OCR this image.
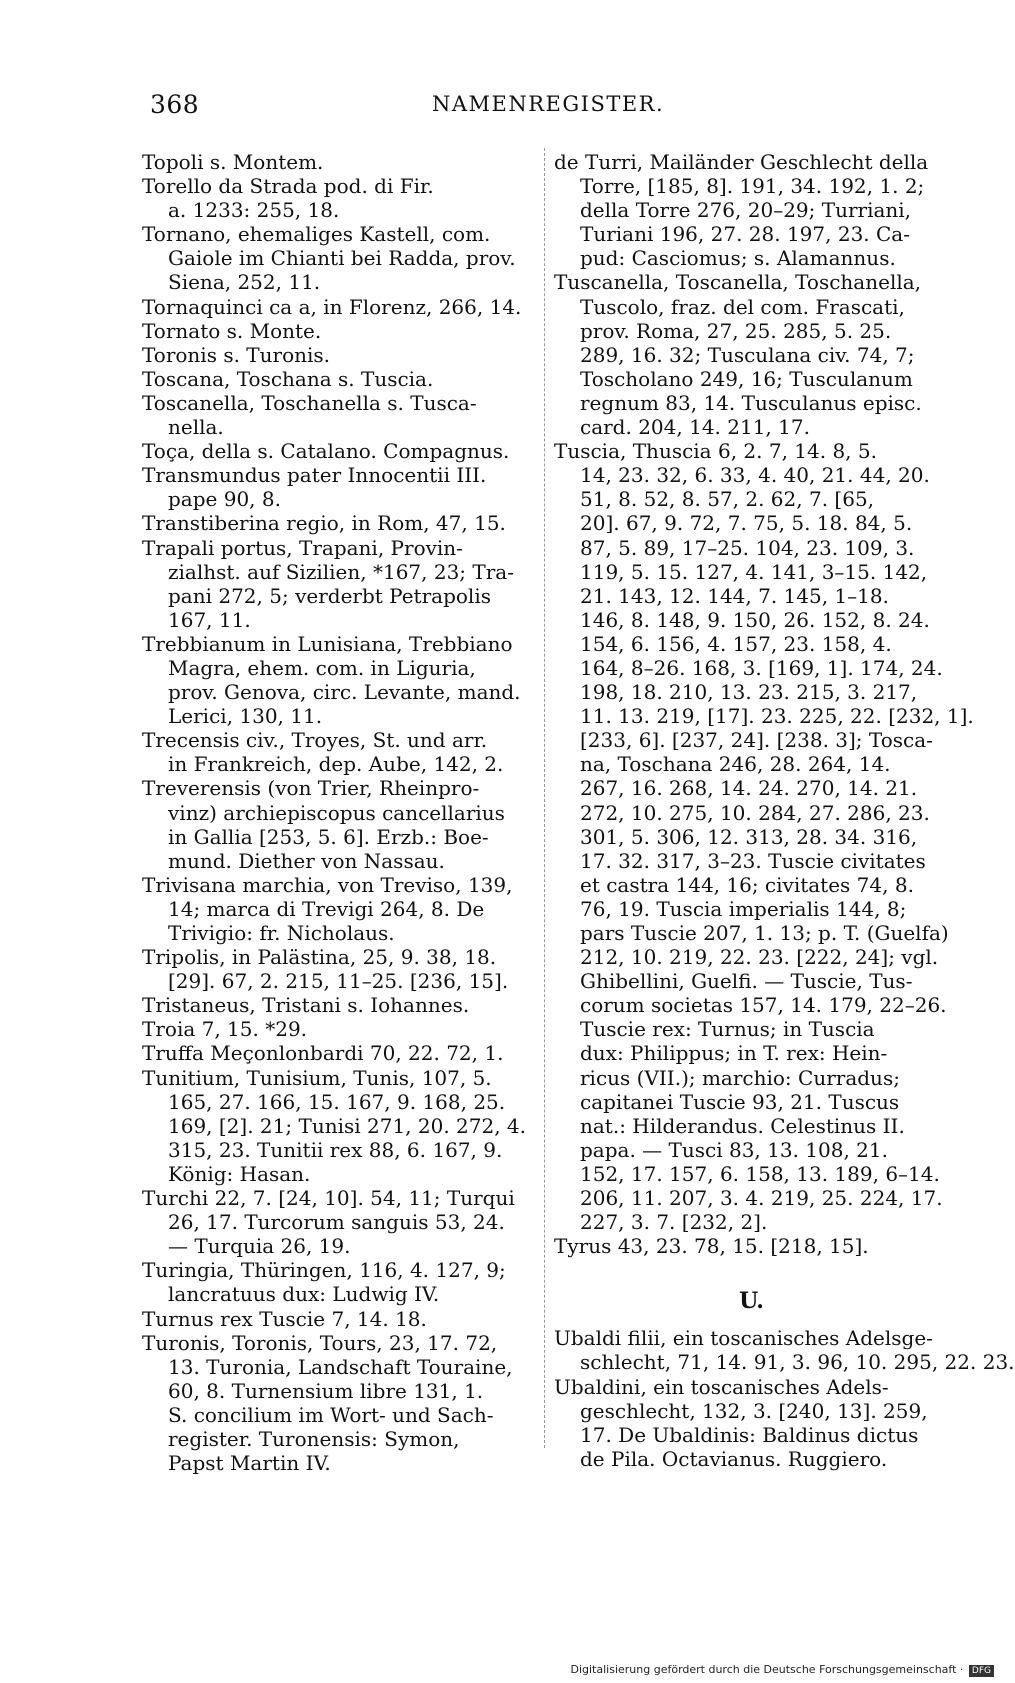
368	NAMENREGISTER.
Topoli s. Montem.
Torello da Strada pod. di Fir.
a. 1233: 255, 18.
Tornano, ehemaliges Kastell, com.
Gaiole im Chianti bei Radda, prov.
Siena, 252, 11.
Tornaquinci ca a, in Florenz, 266, 14.
Tornato s. Monte.
Toronis s. Turonis.
Toscana, Toschana s. Tuscia.
Toscanella, Toschanella s. Tusca-
nella.
Toça, della s. Catalano. Compagnus.
Transmundus pater Innocentii III.
pape 90, 8.
Transtiberina regio, in Rom, 47, 15.
Trapali portus, Trapani, Provin-
zialhst. auf Sizilien, *167, 23; Tra-
pani 272, 5; verderbt Petrapolis
167, 11.
Trebbianum in Lunisiana, Trebbiano
Magra, ehem. com. in Liguria,
prov. Genova, circ. Levante, mand.
Lerici, 130, 11.
Trecensis civ., Troyes, St. und arr.
in Frankreich, dep. Aube, 142, 2.
Treverensis (von Trier, Rheinpro-
vinz) archiepiscopus cancellarius
in Gallia [253, 5. 6]. Erzb.: Boe-
mund. Diether von Nassau.
Trivisana marchia, von Treviso, 139,
14; marca di Trevigi 264, 8. De
Trivigio: fr. Nicholaus.
Tripolis, in Palästina, 25, 9. 38, 18.
[29]. 67, 2. 215, 11–25. [236, 15].
Tristaneus, Tristani s. Iohannes.
Troia 7, 15. *29.
Truffa Meçonlonbardi 70, 22. 72, 1.
Tunitium, Tunisium, Tunis, 107, 5.
165, 27. 166, 15. 167, 9. 168, 25.
169, [2]. 21; Tunisi 271, 20. 272, 4.
315, 23. Tunitii rex 88, 6. 167, 9.
König: Hasan.
Turchi 22, 7. [24, 10]. 54, 11; Turqui
26, 17. Turcorum sanguis 53, 24.
— Turquia 26, 19.
Turingia, Thüringen, 116, 4. 127, 9;
lancratuus dux: Ludwig IV.
Turnus rex Tuscie 7, 14. 18.
Turonis, Toronis, Tours, 23, 17. 72,
13. Turonia, Landschaft Touraine,
60, 8. Turnensium libre 131, 1.
S. concilium im Wort- und Sach-
register. Turonensis: Symon,
Papst Martin IV.
de Turri, Mailänder Geschlecht della
Torre, [185, 8]. 191, 34. 192, 1. 2;
della Torre 276, 20–29; Turriani,
Turiani 196, 27. 28. 197, 23. Ca-
pud: Casciomus; s. Alamannus.
Tuscanella, Toscanella, Toschanella,
Tuscolo, fraz. del com. Frascati,
prov. Roma, 27, 25. 285, 5. 25.
289, 16. 32; Tusculana civ. 74, 7;
Toscholano 249, 16; Tusculanum
regnum 83, 14. Tusculanus episc.
card. 204, 14. 211, 17.
Tuscia, Thuscia 6, 2. 7, 14. 8, 5.
14, 23. 32, 6. 33, 4. 40, 21. 44, 20.
51, 8. 52, 8. 57, 2. 62, 7. [65,
20]. 67, 9. 72, 7. 75, 5. 18. 84, 5.
87, 5. 89, 17–25. 104, 23. 109, 3.
119, 5. 15. 127, 4. 141, 3–15. 142,
21. 143, 12. 144, 7. 145, 1–18.
146, 8. 148, 9. 150, 26. 152, 8. 24.
154, 6. 156, 4. 157, 23. 158, 4.
164, 8–26. 168, 3. [169, 1]. 174, 24.
198, 18. 210, 13. 23. 215, 3. 217,
11. 13. 219, [17]. 23. 225, 22. [232, 1].
[233, 6]. [237, 24]. [238. 3]; Tosca-
na, Toschana 246, 28. 264, 14.
267, 16. 268, 14. 24. 270, 14. 21.
272, 10. 275, 10. 284, 27. 286, 23.
301, 5. 306, 12. 313, 28. 34. 316,
17. 32. 317, 3–23. Tuscie civitates
et castra 144, 16; civitates 74, 8.
76, 19. Tuscia imperialis 144, 8;
pars Tuscie 207, 1. 13; p. T. (Guelfa)
212, 10. 219, 22. 23. [222, 24]; vgl.
Ghibellini, Guelfi. — Tuscie, Tus-
corum societas 157, 14. 179, 22–26.
Tuscie rex: Turnus; in Tuscia
dux: Philippus; in T. rex: Hein-
ricus (VII.); marchio: Curradus;
capitanei Tuscie 93, 21. Tuscus
nat.: Hilderandus. Celestinus II.
papa. — Tusci 83, 13. 108, 21.
152, 17. 157, 6. 158, 13. 189, 6–14.
206, 11. 207, 3. 4. 219, 25. 224, 17.
227, 3. 7. [232, 2].
Tyrus 43, 23. 78, 15. [218, 15].
U.
Ubaldi filii, ein toscanisches Adelsge-
schlecht, 71, 14. 91, 3. 96, 10. 295, 22. 23.
Ubaldini, ein toscanisches Adels-
geschlecht, 132, 3. [240, 13]. 259,
17. De Ubaldinis: Baldinus dictus
de Pila. Octavianus. Ruggiero.
Digitalisierung gefördert durch die Deutsche Forschungsgemeinschaft · DFG
